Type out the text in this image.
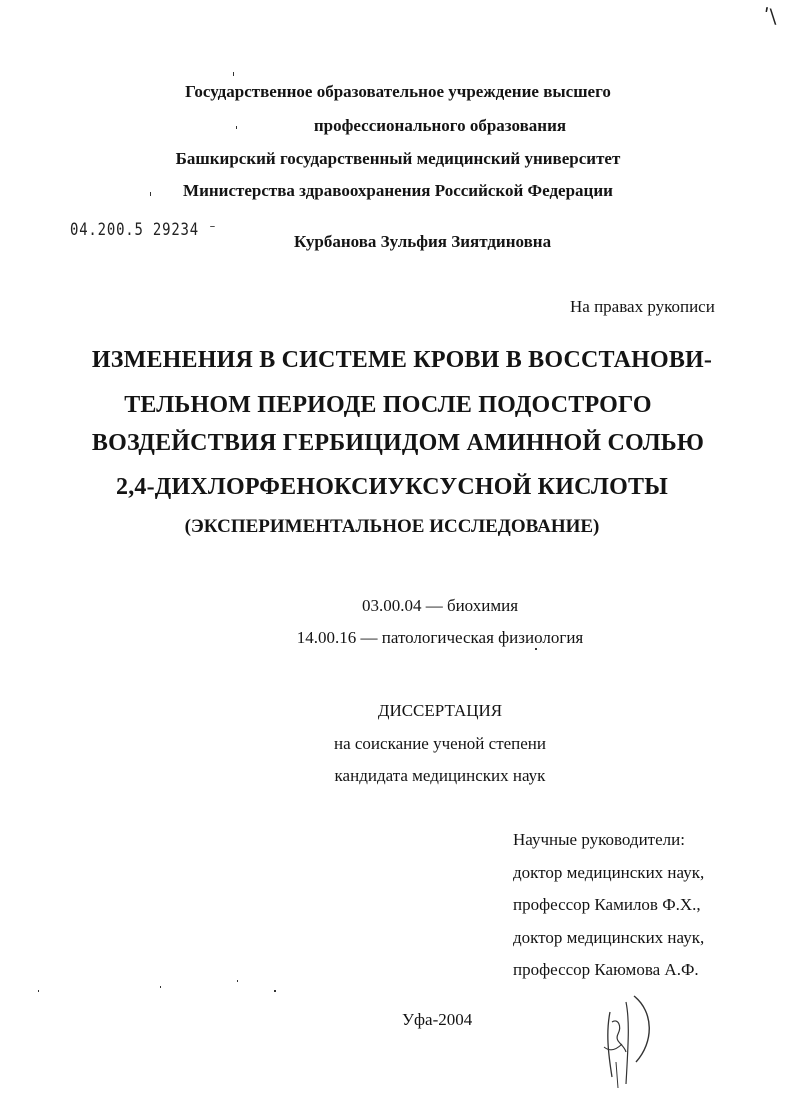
ʹ\
Государственное образовательное учреждение высшего
профессионального образования
Башкирский государственный медицинский университет
Министерства здравоохранения Российской Федерации
04.200.5 29234 ⁻
Курбанова Зульфия Зиятдиновна
На правах рукописи
ИЗМЕНЕНИЯ В СИСТЕМЕ КРОВИ В ВОССТАНОВИ-
ТЕЛЬНОМ ПЕРИОДЕ ПОСЛЕ ПОДОСТРОГО
ВОЗДЕЙСТВИЯ ГЕРБИЦИДОМ АМИННОЙ СОЛЬЮ
2,4-ДИХЛОРФЕНОКСИУКСУСНОЙ КИСЛОТЫ
(ЭКСПЕРИМЕНТАЛЬНОЕ ИССЛЕДОВАНИЕ)
03.00.04 — биохимия
14.00.16 — патологическая физиология
ДИССЕРТАЦИЯ
на соискание ученой степени
кандидата медицинских наук
Научные руководители:
доктор медицинских наук,
профессор Камилов Ф.Х.,
доктор медицинских наук,
профессор Каюмова А.Ф.
Уфа-2004
